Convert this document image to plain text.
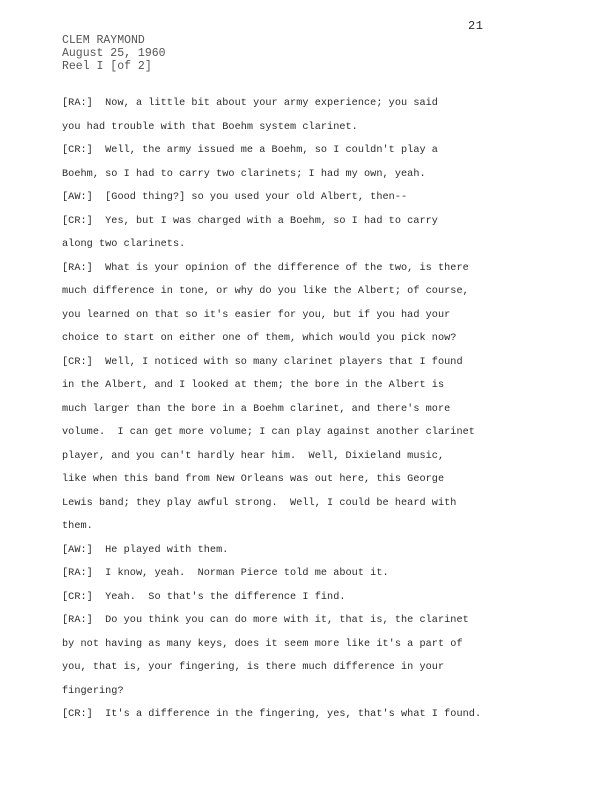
21
CLEM RAYMOND
August 25, 1960
Reel I [of 2]
[RA:]  Now, a little bit about your army experience; you said
you had trouble with that Boehm system clarinet.
[CR:]  Well, the army issued me a Boehm, so I couldn't play a
Boehm, so I had to carry two clarinets; I had my own, yeah.
[AW:]  [Good thing?] so you used your old Albert, then--
[CR:]  Yes, but I was charged with a Boehm, so I had to carry
along two clarinets.
[RA:]  What is your opinion of the difference of the two, is there
much difference in tone, or why do you like the Albert; of course,
you learned on that so it's easier for you, but if you had your
choice to start on either one of them, which would you pick now?
[CR:]  Well, I noticed with so many clarinet players that I found
in the Albert, and I looked at them; the bore in the Albert is
much larger than the bore in a Boehm clarinet, and there's more
volume.  I can get more volume; I can play against another clarinet
player, and you can't hardly hear him.  Well, Dixieland music,
like when this band from New Orleans was out here, this George
Lewis band; they play awful strong.  Well, I could be heard with
them.
[AW:]  He played with them.
[RA:]  I know, yeah.  Norman Pierce told me about it.
[CR:]  Yeah.  So that's the difference I find.
[RA:]  Do you think you can do more with it, that is, the clarinet
by not having as many keys, does it seem more like it's a part of
you, that is, your fingering, is there much difference in your
fingering?
[CR:]  It's a difference in the fingering, yes, that's what I found.
